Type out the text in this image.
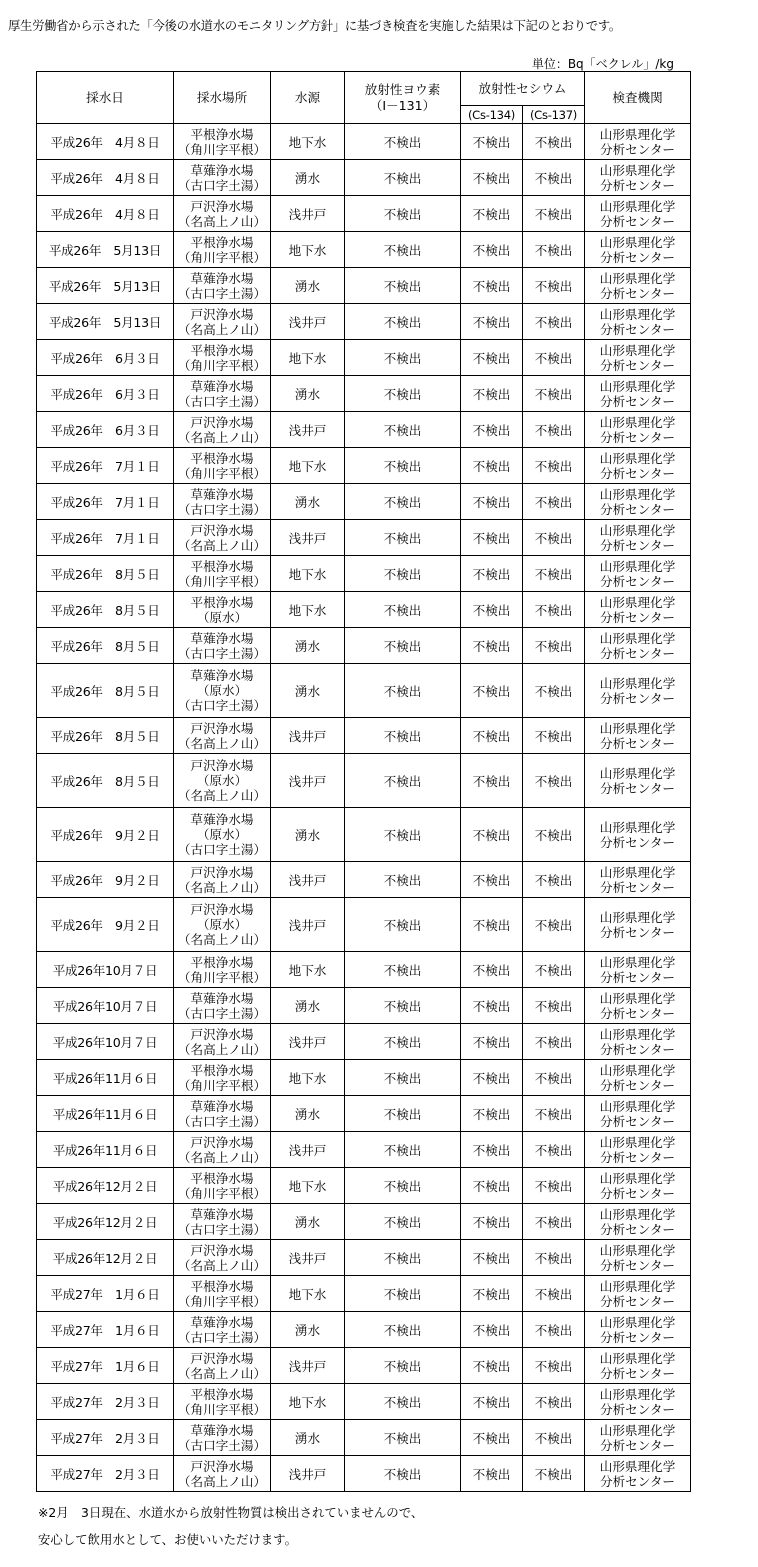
厚生労働省から示された「今後の水道水のモニタリング方針」に基づき検査を実施した結果は下記のとおりです。
単位：Bq「ベクレル」/kg
採水日	採水場所	水源	放射性ヨウ素
（I－131）	放射性セシウム		検査機関
				(Cs-134)	(Cs-137)	
平成26年　4月８日	平根浄水場
（角川字平根）	地下水	不検出	不検出	不検出	山形県理化学
分析センター

平成26年　4月８日	草薙浄水場
（古口字土湯）	湧水	不検出	不検出	不検出	山形県理化学
分析センター

平成26年　4月８日	戸沢浄水場
（名高上ノ山）	浅井戸	不検出	不検出	不検出	山形県理化学
分析センター

平成26年　5月13日	平根浄水場
（角川字平根）	地下水	不検出	不検出	不検出	山形県理化学
分析センター

平成26年　5月13日	草薙浄水場
（古口字土湯）	湧水	不検出	不検出	不検出	山形県理化学
分析センター

平成26年　5月13日	戸沢浄水場
（名高上ノ山）	浅井戸	不検出	不検出	不検出	山形県理化学
分析センター

平成26年　6月３日	平根浄水場
（角川字平根）	地下水	不検出	不検出	不検出	山形県理化学
分析センター

平成26年　6月３日	草薙浄水場
（古口字土湯）	湧水	不検出	不検出	不検出	山形県理化学
分析センター

平成26年　6月３日	戸沢浄水場
（名高上ノ山）	浅井戸	不検出	不検出	不検出	山形県理化学
分析センター

平成26年　7月１日	平根浄水場
（角川字平根）	地下水	不検出	不検出	不検出	山形県理化学
分析センター

平成26年　7月１日	草薙浄水場
（古口字土湯）	湧水	不検出	不検出	不検出	山形県理化学
分析センター

平成26年　7月１日	戸沢浄水場
（名高上ノ山）	浅井戸	不検出	不検出	不検出	山形県理化学
分析センター

平成26年　8月５日	平根浄水場
（角川字平根）	地下水	不検出	不検出	不検出	山形県理化学
分析センター

平成26年　8月５日	平根浄水場
（原水）	地下水	不検出	不検出	不検出	山形県理化学
分析センター

平成26年　8月５日	草薙浄水場
（古口字土湯）	湧水	不検出	不検出	不検出	山形県理化学
分析センター

平成26年　8月５日	草薙浄水場
（原水）
（古口字土湯）	湧水	不検出	不検出	不検出	山形県理化学
分析センター

平成26年　8月５日	戸沢浄水場
（名高上ノ山）	浅井戸	不検出	不検出	不検出	山形県理化学
分析センター

平成26年　8月５日	戸沢浄水場
（原水）
（名高上ノ山）	浅井戸	不検出	不検出	不検出	山形県理化学
分析センター

平成26年　9月２日	草薙浄水場
（原水）
（古口字土湯）	湧水	不検出	不検出	不検出	山形県理化学
分析センター

平成26年　9月２日	戸沢浄水場
（名高上ノ山）	浅井戸	不検出	不検出	不検出	山形県理化学
分析センター

平成26年　9月２日	戸沢浄水場
（原水）
（名高上ノ山）	浅井戸	不検出	不検出	不検出	山形県理化学
分析センター

平成26年10月７日	平根浄水場
（角川字平根）	地下水	不検出	不検出	不検出	山形県理化学
分析センター

平成26年10月７日	草薙浄水場
（古口字土湯）	湧水	不検出	不検出	不検出	山形県理化学
分析センター

平成26年10月７日	戸沢浄水場
（名高上ノ山）	浅井戸	不検出	不検出	不検出	山形県理化学
分析センター

平成26年11月６日	平根浄水場
（角川字平根）	地下水	不検出	不検出	不検出	山形県理化学
分析センター

平成26年11月６日	草薙浄水場
（古口字土湯）	湧水	不検出	不検出	不検出	山形県理化学
分析センター

平成26年11月６日	戸沢浄水場
（名高上ノ山）	浅井戸	不検出	不検出	不検出	山形県理化学
分析センター

平成26年12月２日	平根浄水場
（角川字平根）	地下水	不検出	不検出	不検出	山形県理化学
分析センター

平成26年12月２日	草薙浄水場
（古口字土湯）	湧水	不検出	不検出	不検出	山形県理化学
分析センター

平成26年12月２日	戸沢浄水場
（名高上ノ山）	浅井戸	不検出	不検出	不検出	山形県理化学
分析センター

平成27年　1月６日	平根浄水場
（角川字平根）	地下水	不検出	不検出	不検出	山形県理化学
分析センター

平成27年　1月６日	草薙浄水場
（古口字土湯）	湧水	不検出	不検出	不検出	山形県理化学
分析センター

平成27年　1月６日	戸沢浄水場
（名高上ノ山）	浅井戸	不検出	不検出	不検出	山形県理化学
分析センター

平成27年　2月３日	平根浄水場
（角川字平根）	地下水	不検出	不検出	不検出	山形県理化学
分析センター

平成27年　2月３日	草薙浄水場
（古口字土湯）	湧水	不検出	不検出	不検出	山形県理化学
分析センター

平成27年　2月３日	戸沢浄水場
（名高上ノ山）	浅井戸	不検出	不検出	不検出	山形県理化学
分析センター
※2月　3日現在、水道水から放射性物質は検出されていませんので、
安心して飲用水として、お使いいただけます。
